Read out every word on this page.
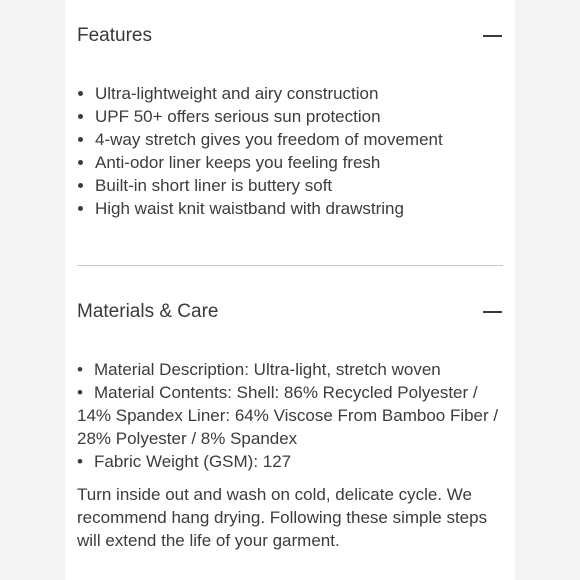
Features
Ultra-lightweight and airy construction
UPF 50+ offers serious sun protection
4-way stretch gives you freedom of movement
Anti-odor liner keeps you feeling fresh
Built-in short liner is buttery soft
High waist knit waistband with drawstring
Materials & Care
• Material Description: Ultra-light, stretch woven
• Material Contents: Shell: 86% Recycled Polyester / 14% Spandex Liner: 64% Viscose From Bamboo Fiber / 28% Polyester / 8% Spandex
• Fabric Weight (GSM): 127

Turn inside out and wash on cold, delicate cycle. We recommend hang drying. Following these simple steps will extend the life of your garment.
